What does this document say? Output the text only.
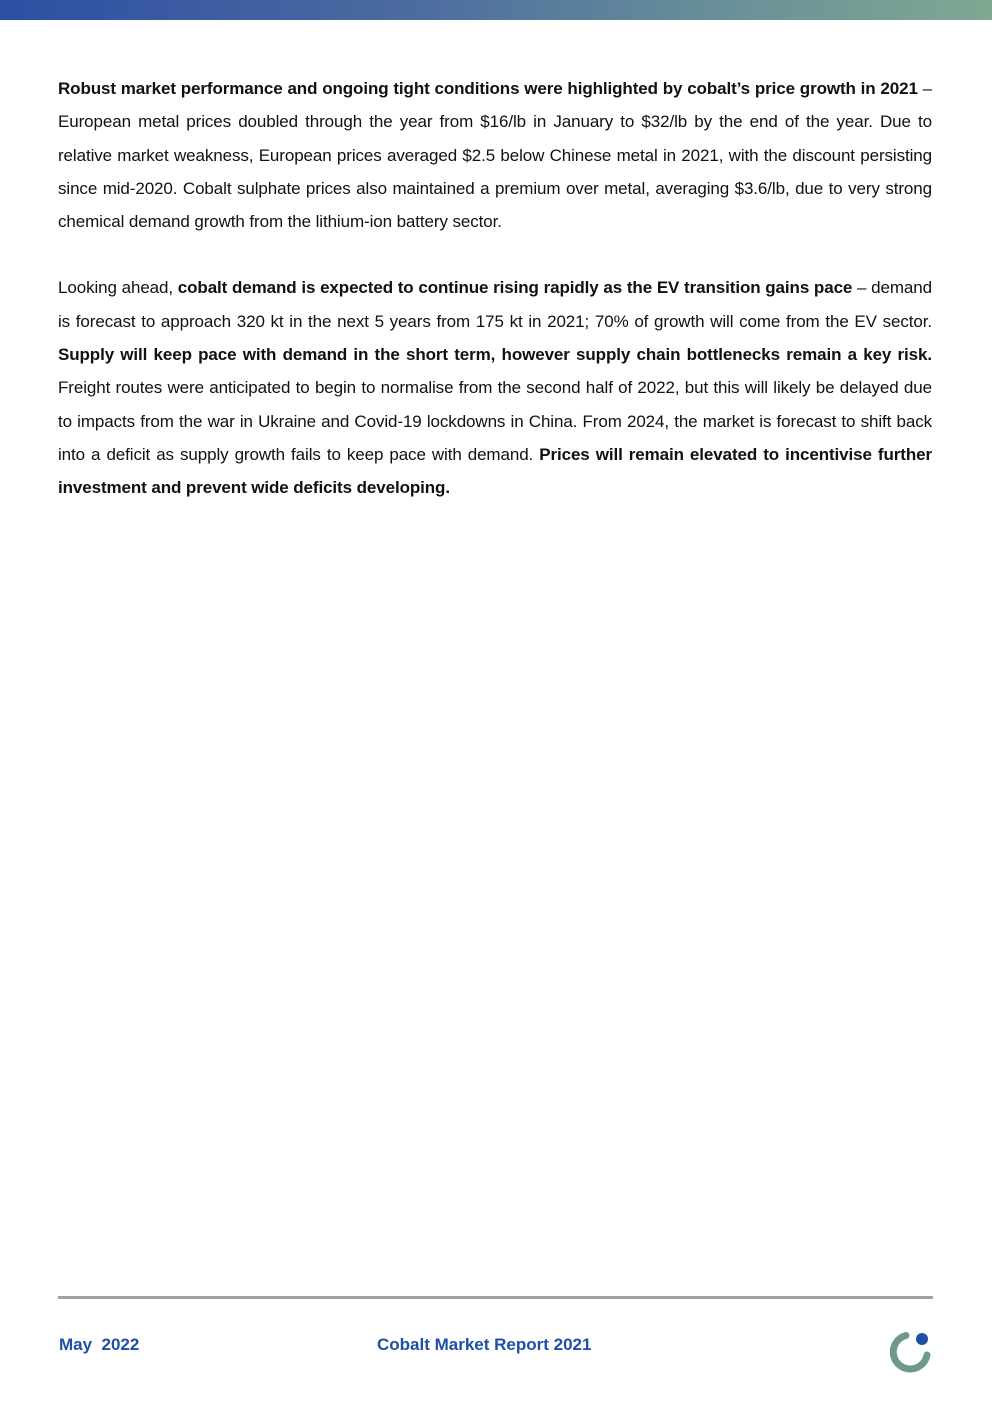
Robust market performance and ongoing tight conditions were highlighted by cobalt’s price growth in 2021 – European metal prices doubled through the year from $16/lb in January to $32/lb by the end of the year. Due to relative market weakness, European prices averaged $2.5 below Chinese metal in 2021, with the discount persisting since mid-2020. Cobalt sulphate prices also maintained a premium over metal, averaging $3.6/lb, due to very strong chemical demand growth from the lithium-ion battery sector.

Looking ahead, cobalt demand is expected to continue rising rapidly as the EV transition gains pace – demand is forecast to approach 320 kt in the next 5 years from 175 kt in 2021; 70% of growth will come from the EV sector. Supply will keep pace with demand in the short term, however supply chain bottlenecks remain a key risk. Freight routes were anticipated to begin to normalise from the second half of 2022, but this will likely be delayed due to impacts from the war in Ukraine and Covid-19 lockdowns in China. From 2024, the market is forecast to shift back into a deficit as supply growth fails to keep pace with demand. Prices will remain elevated to incentivise further investment and prevent wide deficits developing.

May  2022	Cobalt Market Report 2021
